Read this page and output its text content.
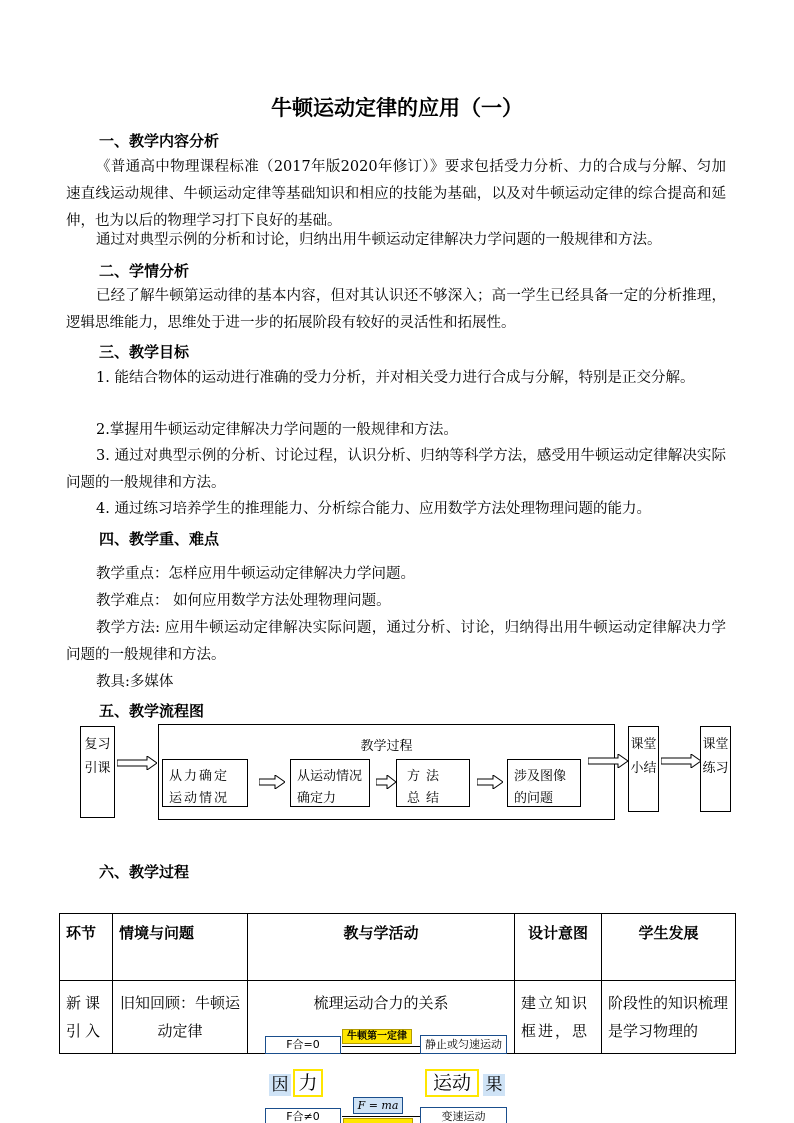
牛顿运动定律的应用（一）
一、教学内容分析
《普通高中物理课程标准（2017年版2020年修订）》要求包括受力分析、力的合成与分解、匀加速直线运动规律、牛顿运动定律等基础知识和相应的技能为基础，以及对牛顿运动定律的综合提高和延伸，也为以后的物理学习打下良好的基础。
通过对典型示例的分析和讨论，归纳出用牛顿运动定律解决力学问题的一般规律和方法。
二、学情分析
已经了解牛顿第运动律的基本内容，但对其认识还不够深入；高一学生已经具备一定的分析推理，逻辑思维能力，思维处于进一步的拓展阶段有较好的灵活性和拓展性。
三、教学目标
1. 能结合物体的运动进行准确的受力分析，并对相关受力进行合成与分解，特别是正交分解。
2.掌握用牛顿运动定律解决力学问题的一般规律和方法。
3. 通过对典型示例的分析、讨论过程，认识分析、归纳等科学方法，感受用牛顿运动定律解决实际问题的一般规律和方法。
4. 通过练习培养学生的推理能力、分析综合能力、应用数学方法处理物理问题的能力。
四、教学重、难点
教学重点：怎样应用牛顿运动定律解决力学问题。
教学难点： 如何应用数学方法处理物理问题。
教学方法: 应用牛顿运动定律解决实际问题，通过分析、讨论，归纳得出用牛顿运动定律解决力学问题的一般规律和方法。
教具:多媒体
五、教学流程图
复习引课
教学过程
从力确定运动情况
从运动情况确定力
方法总结
涉及图像的问题
课堂小结
课堂练习
六、教学过程
环节	情境与问题	教与学活动	设计意图	学生发展
新课引入	旧知回顾：牛顿运动定律	梳理运动合力的关系	建立知识框进，思	阶段性的知识梳理是学习物理的
F合=0
牛顿第一定律
静止或匀速运动
因 力	运动 果
F = ma
F合≠0	变速运动
